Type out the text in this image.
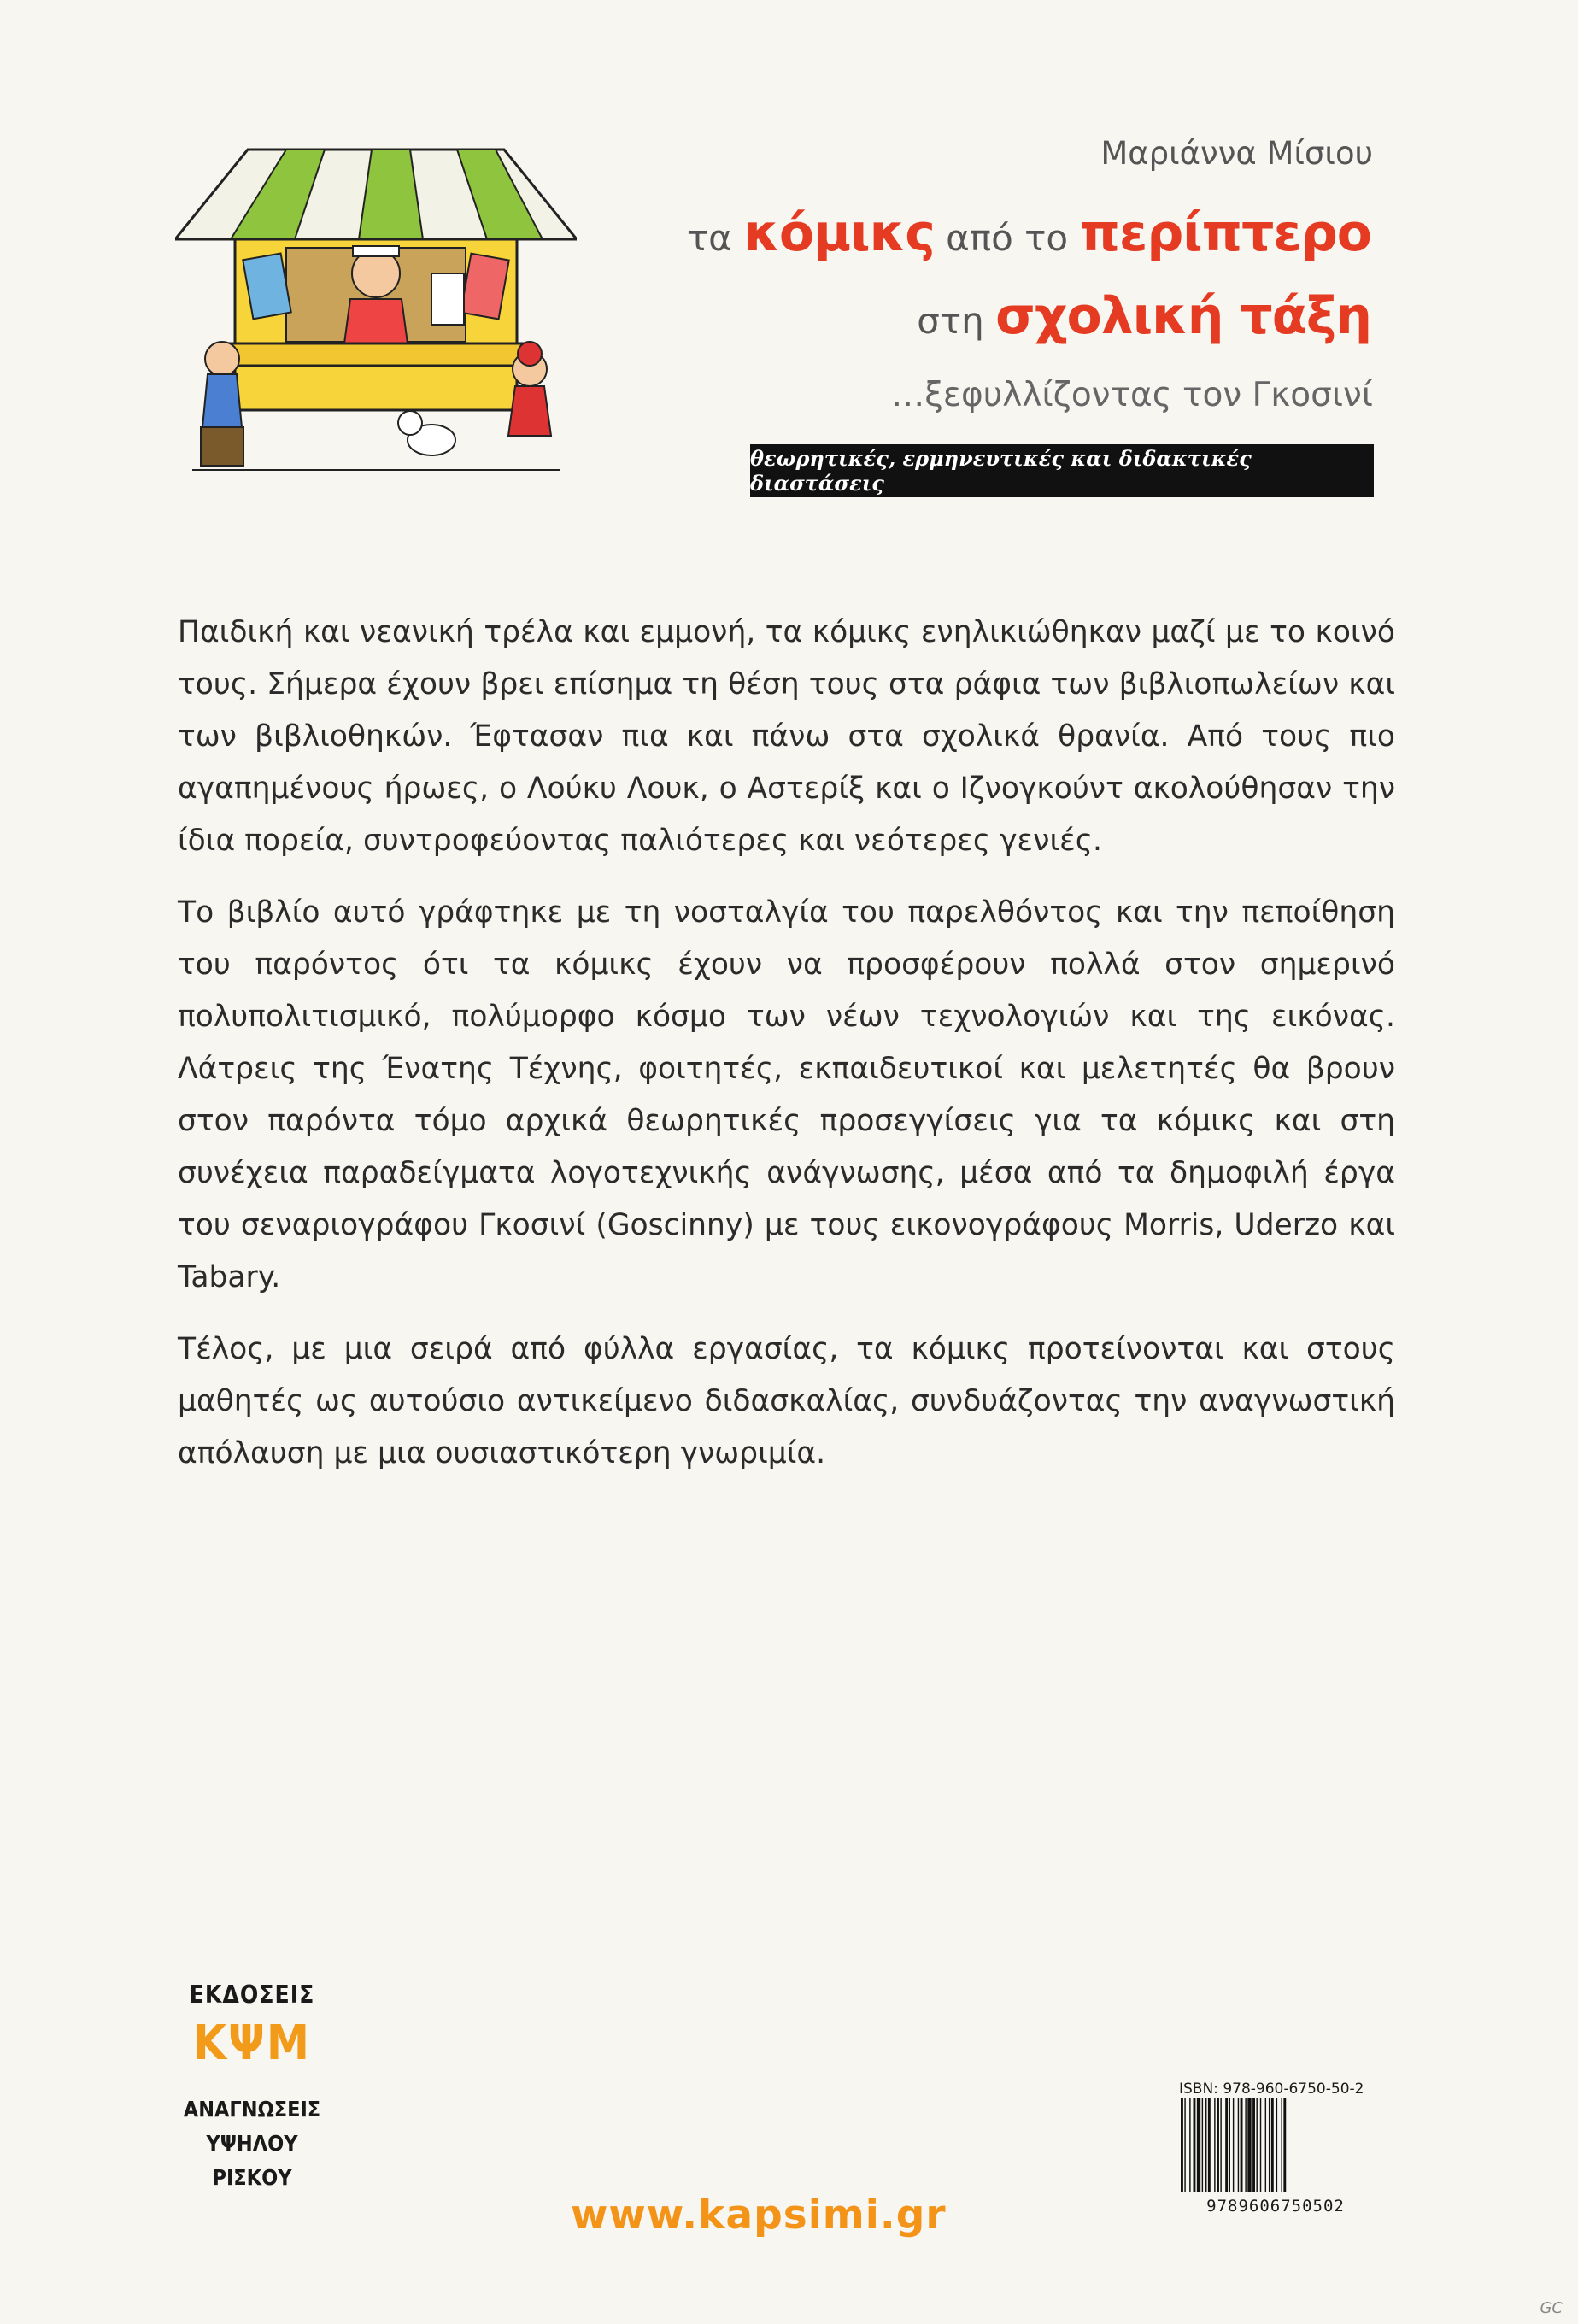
Μαριάννα Μίσιου
τα κόμικς από το περίπτερο
στη σχολική τάξη
…ξεφυλλίζοντας τον Γκοσινί
θεωρητικές, ερμηνευτικές και διδακτικές διαστάσεις

Παιδική και νεανική τρέλα και εμμονή, τα κόμικς ενηλικιώθηκαν μαζί με το κοινό τους. Σήμερα έχουν βρει επίσημα τη θέση τους στα ράφια των βιβλιοπωλείων και των βιβλιοθηκών. Έφτασαν πια και πάνω στα σχολικά θρανία. Από τους πιο αγαπημένους ήρωες, ο Λούκυ Λουκ, ο Αστερίξ και ο Ιζνογκούντ ακολούθησαν την ίδια πορεία, συντροφεύοντας παλιότερες και νεότερες γενιές.

Το βιβλίο αυτό γράφτηκε με τη νοσταλγία του παρελθόντος και την πεποίθηση του παρόντος ότι τα κόμικς έχουν να προσφέρουν πολλά στον σημερινό πολυπολιτισμικό, πολύμορφο κόσμο των νέων τεχνολογιών και της εικόνας. Λάτρεις της Ένατης Τέχνης, φοιτητές, εκπαιδευτικοί και μελετητές θα βρουν στον παρόντα τόμο αρχικά θεωρητικές προσεγγίσεις για τα κόμικς και στη συνέχεια παραδείγματα λογοτεχνικής ανάγνωσης, μέσα από τα δημοφιλή έργα του σεναριογράφου Γκοσινί (Goscinny) με τους εικονογράφους Morris, Uderzo και Tabary.

Τέλος, με μια σειρά από φύλλα εργασίας, τα κόμικς προτείνονται και στους μαθητές ως αυτούσιο αντικείμενο διδασκαλίας, συνδυάζοντας την αναγνωστική απόλαυση με μια ουσιαστικότερη γνωριμία.

ΕΚΔΟΣΕΙΣ
ΚΨΜ
ΑΝΑΓΝΩΣΕΙΣ
ΥΨΗΛΟΥ
ΡΙΣΚΟΥ
www.kapsimi.gr
ISBN: 978-960-6750-50-2
9789606750502
GC
